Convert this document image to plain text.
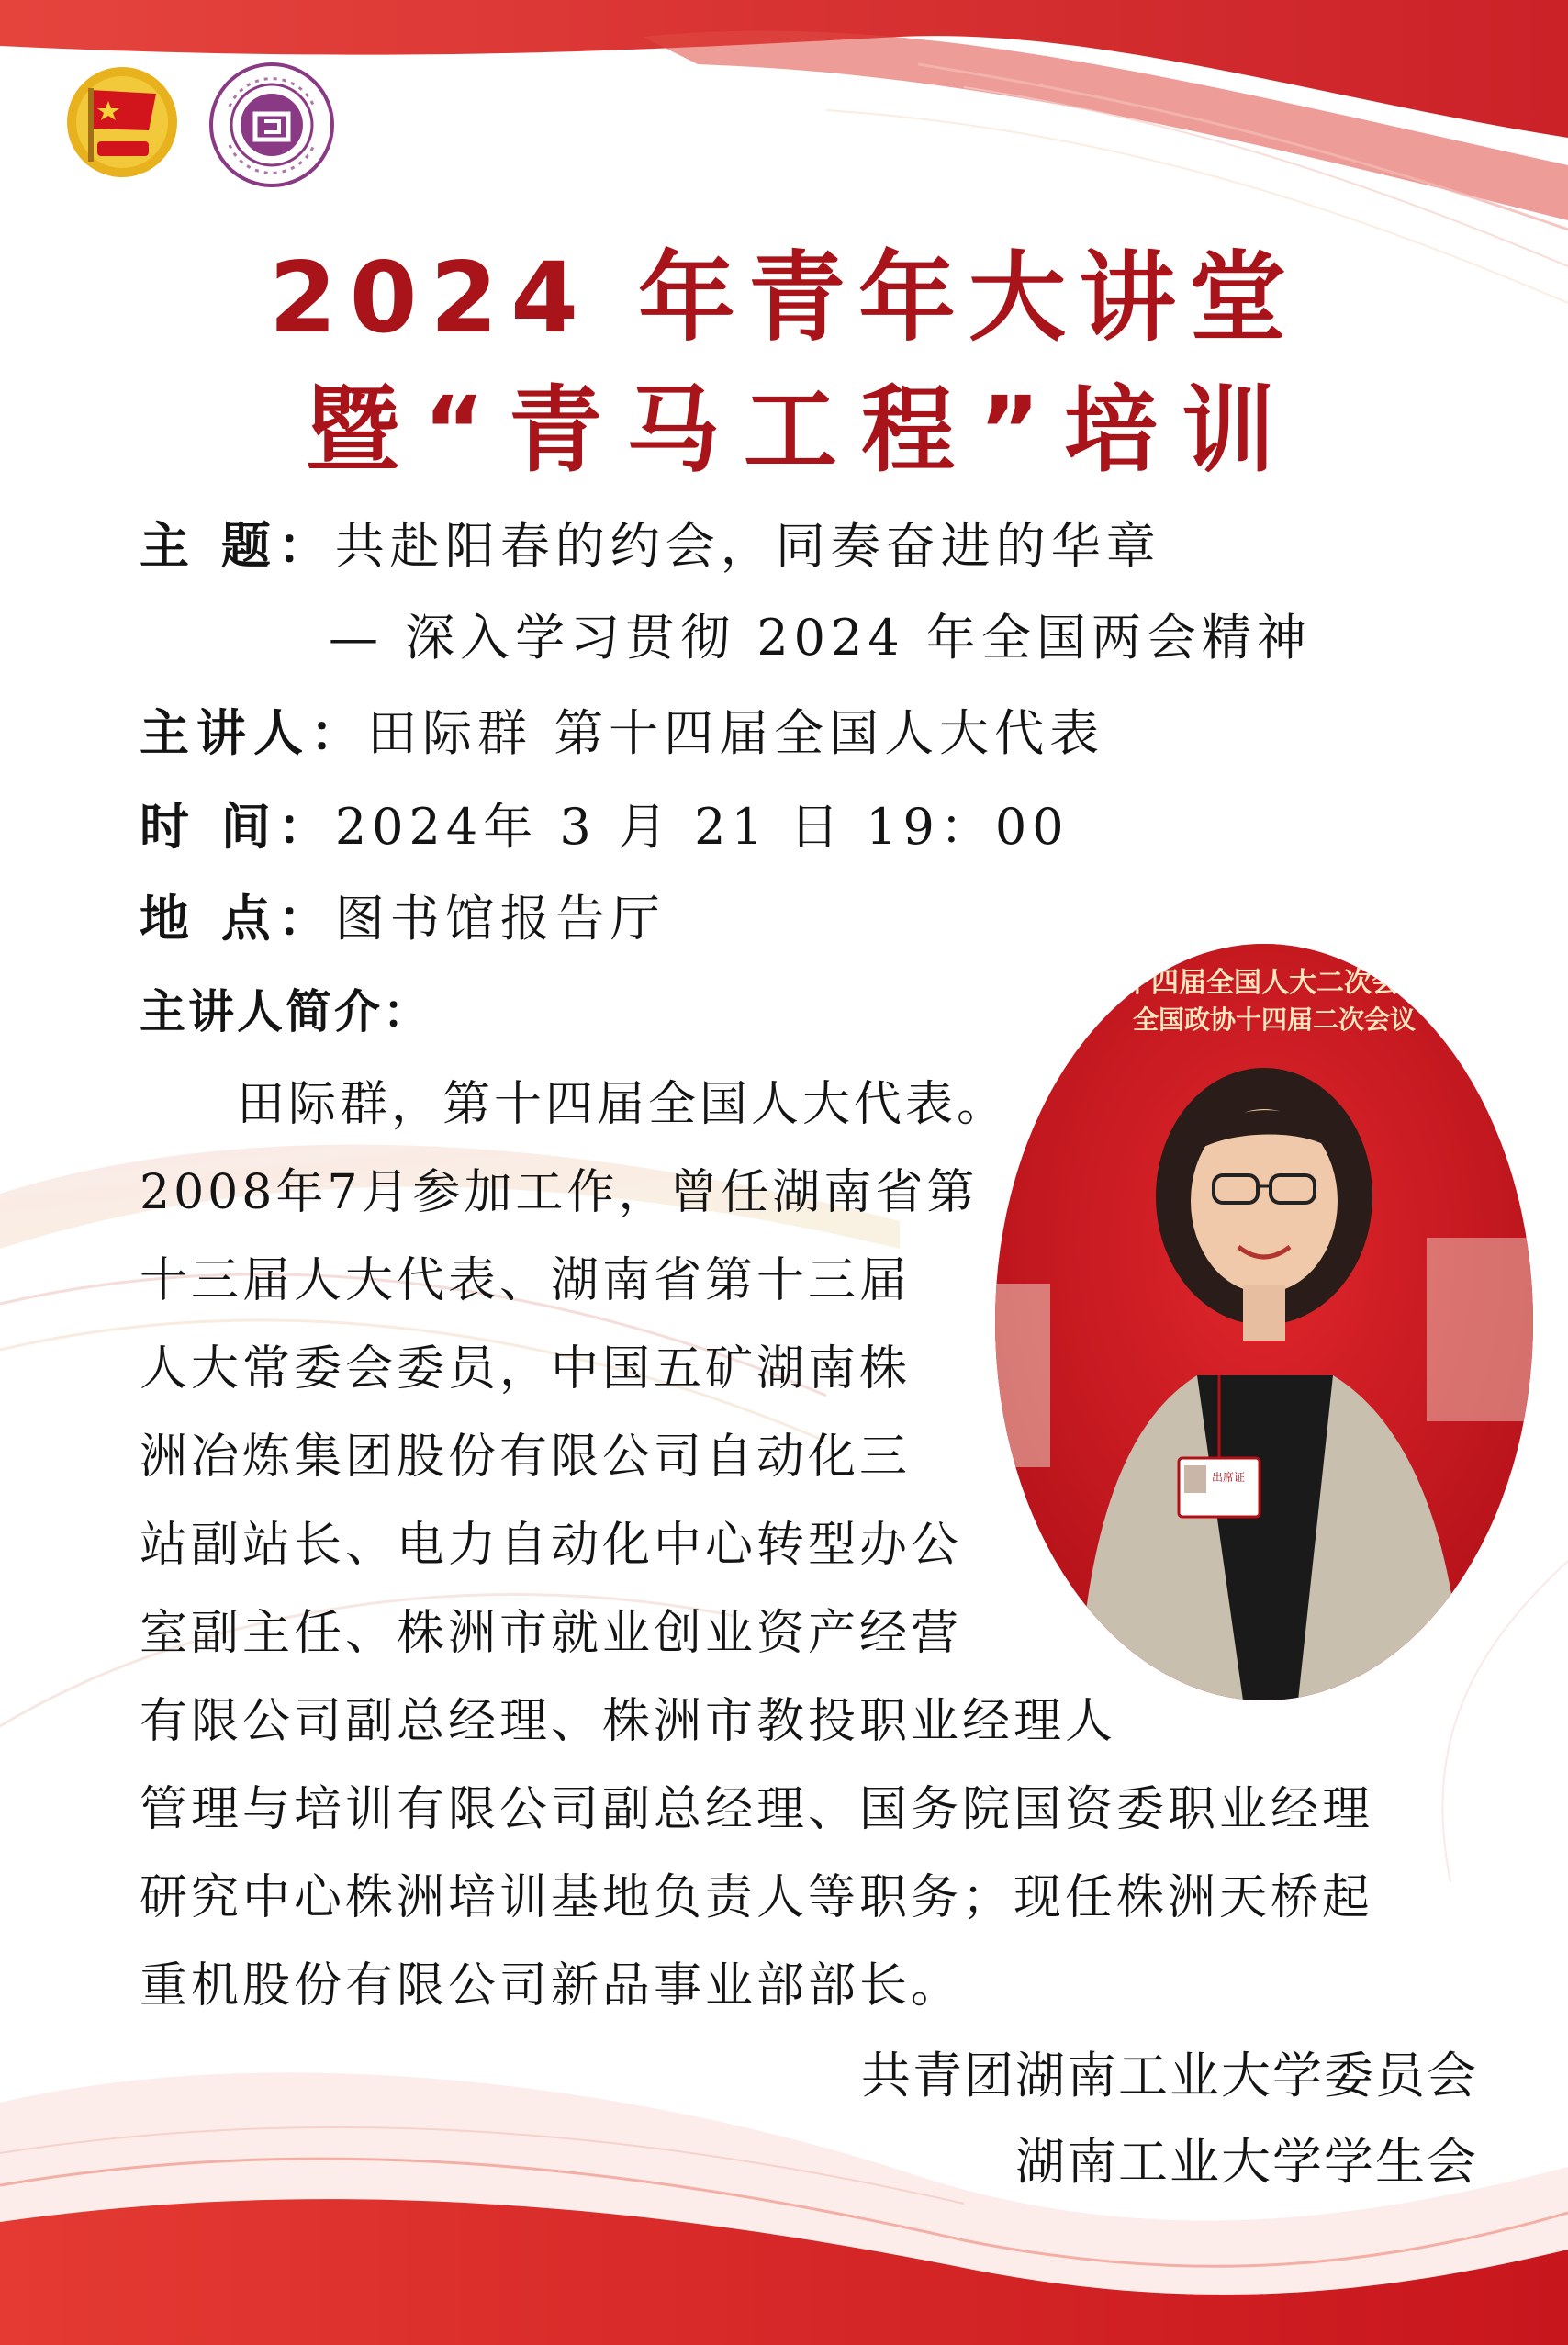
2024 年青年大讲堂
暨“青马工程”培训
主 题：共赴阳春的约会，同奏奋进的华章
— 深入学习贯彻 2024 年全国两会精神
主讲人：田际群 第十四届全国人大代表
时 间：2024年 3 月 21 日 19：00
地 点：图书馆报告厅
主讲人简介：
田际群，第十四届全国人大代表。
2008年7月参加工作，曾任湖南省第
十三届人大代表、湖南省第十三届
人大常委会委员，中国五矿湖南株
洲冶炼集团股份有限公司自动化三
站副站长、电力自动化中心转型办公
室副主任、株洲市就业创业资产经营
有限公司副总经理、株洲市教投职业经理人
管理与培训有限公司副总经理、国务院国资委职业经理
研究中心株洲培训基地负责人等职务；现任株洲天桥起
重机股份有限公司新品事业部部长。
十四届全国人大二次会议
全国政协十四届二次会议
出席证
共青团湖南工业大学委员会
湖南工业大学学生会
